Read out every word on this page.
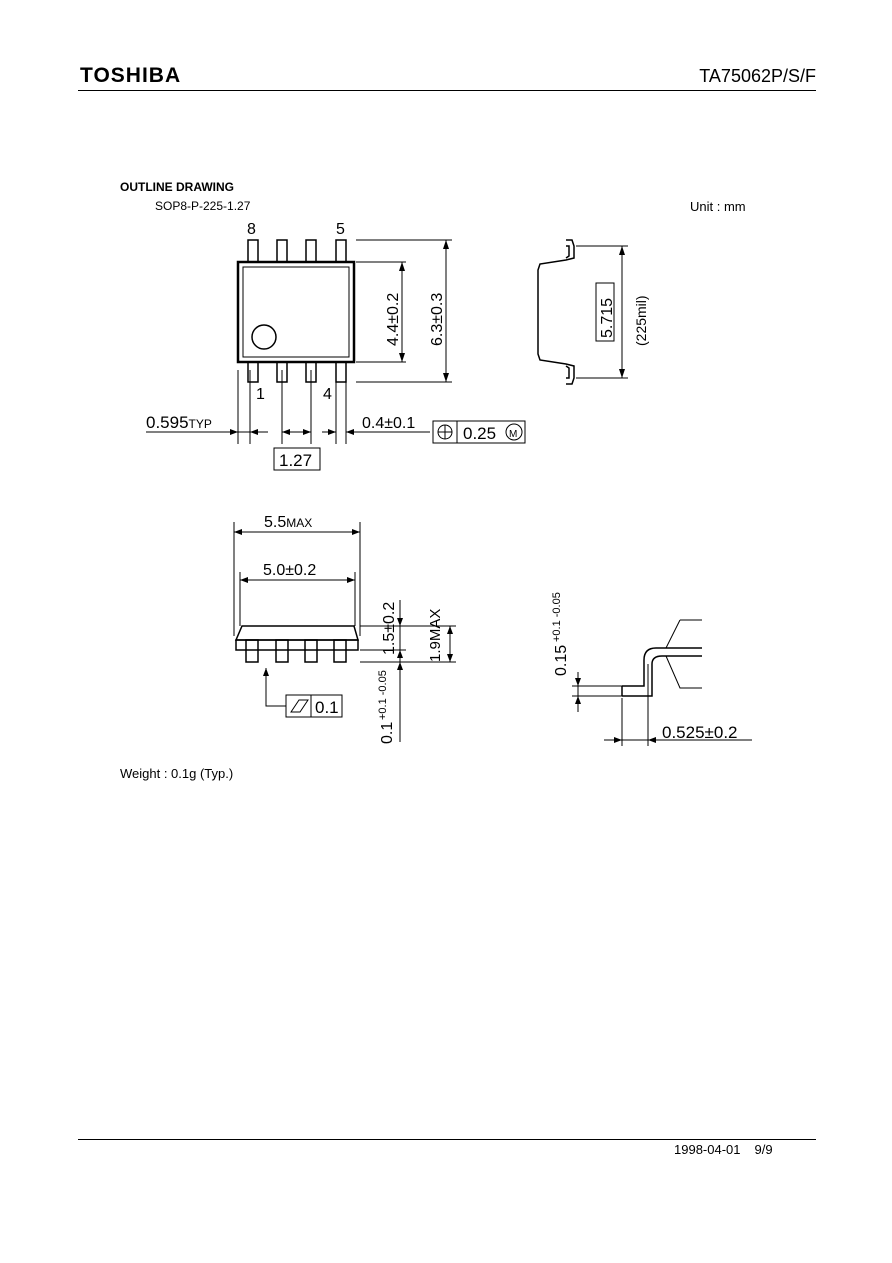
TOSHIBA	TA75062P/S/F
OUTLINE DRAWING
SOP8-P-225-1.27	Unit : mm
8	5
1	4
4.4±0.2 6.3±0.3
0.595TYP
1.27
0.4±0.1
0.25 M
5.715 (225mil)
5.5MAX
5.0±0.2
1.5±0.2 1.9MAX
0.1
0.1
+0.1 -0.05
0.15
+0.1 -0.05
0.525±0.2
Weight : 0.1g (Typ.)
1998-04-01 9/9
